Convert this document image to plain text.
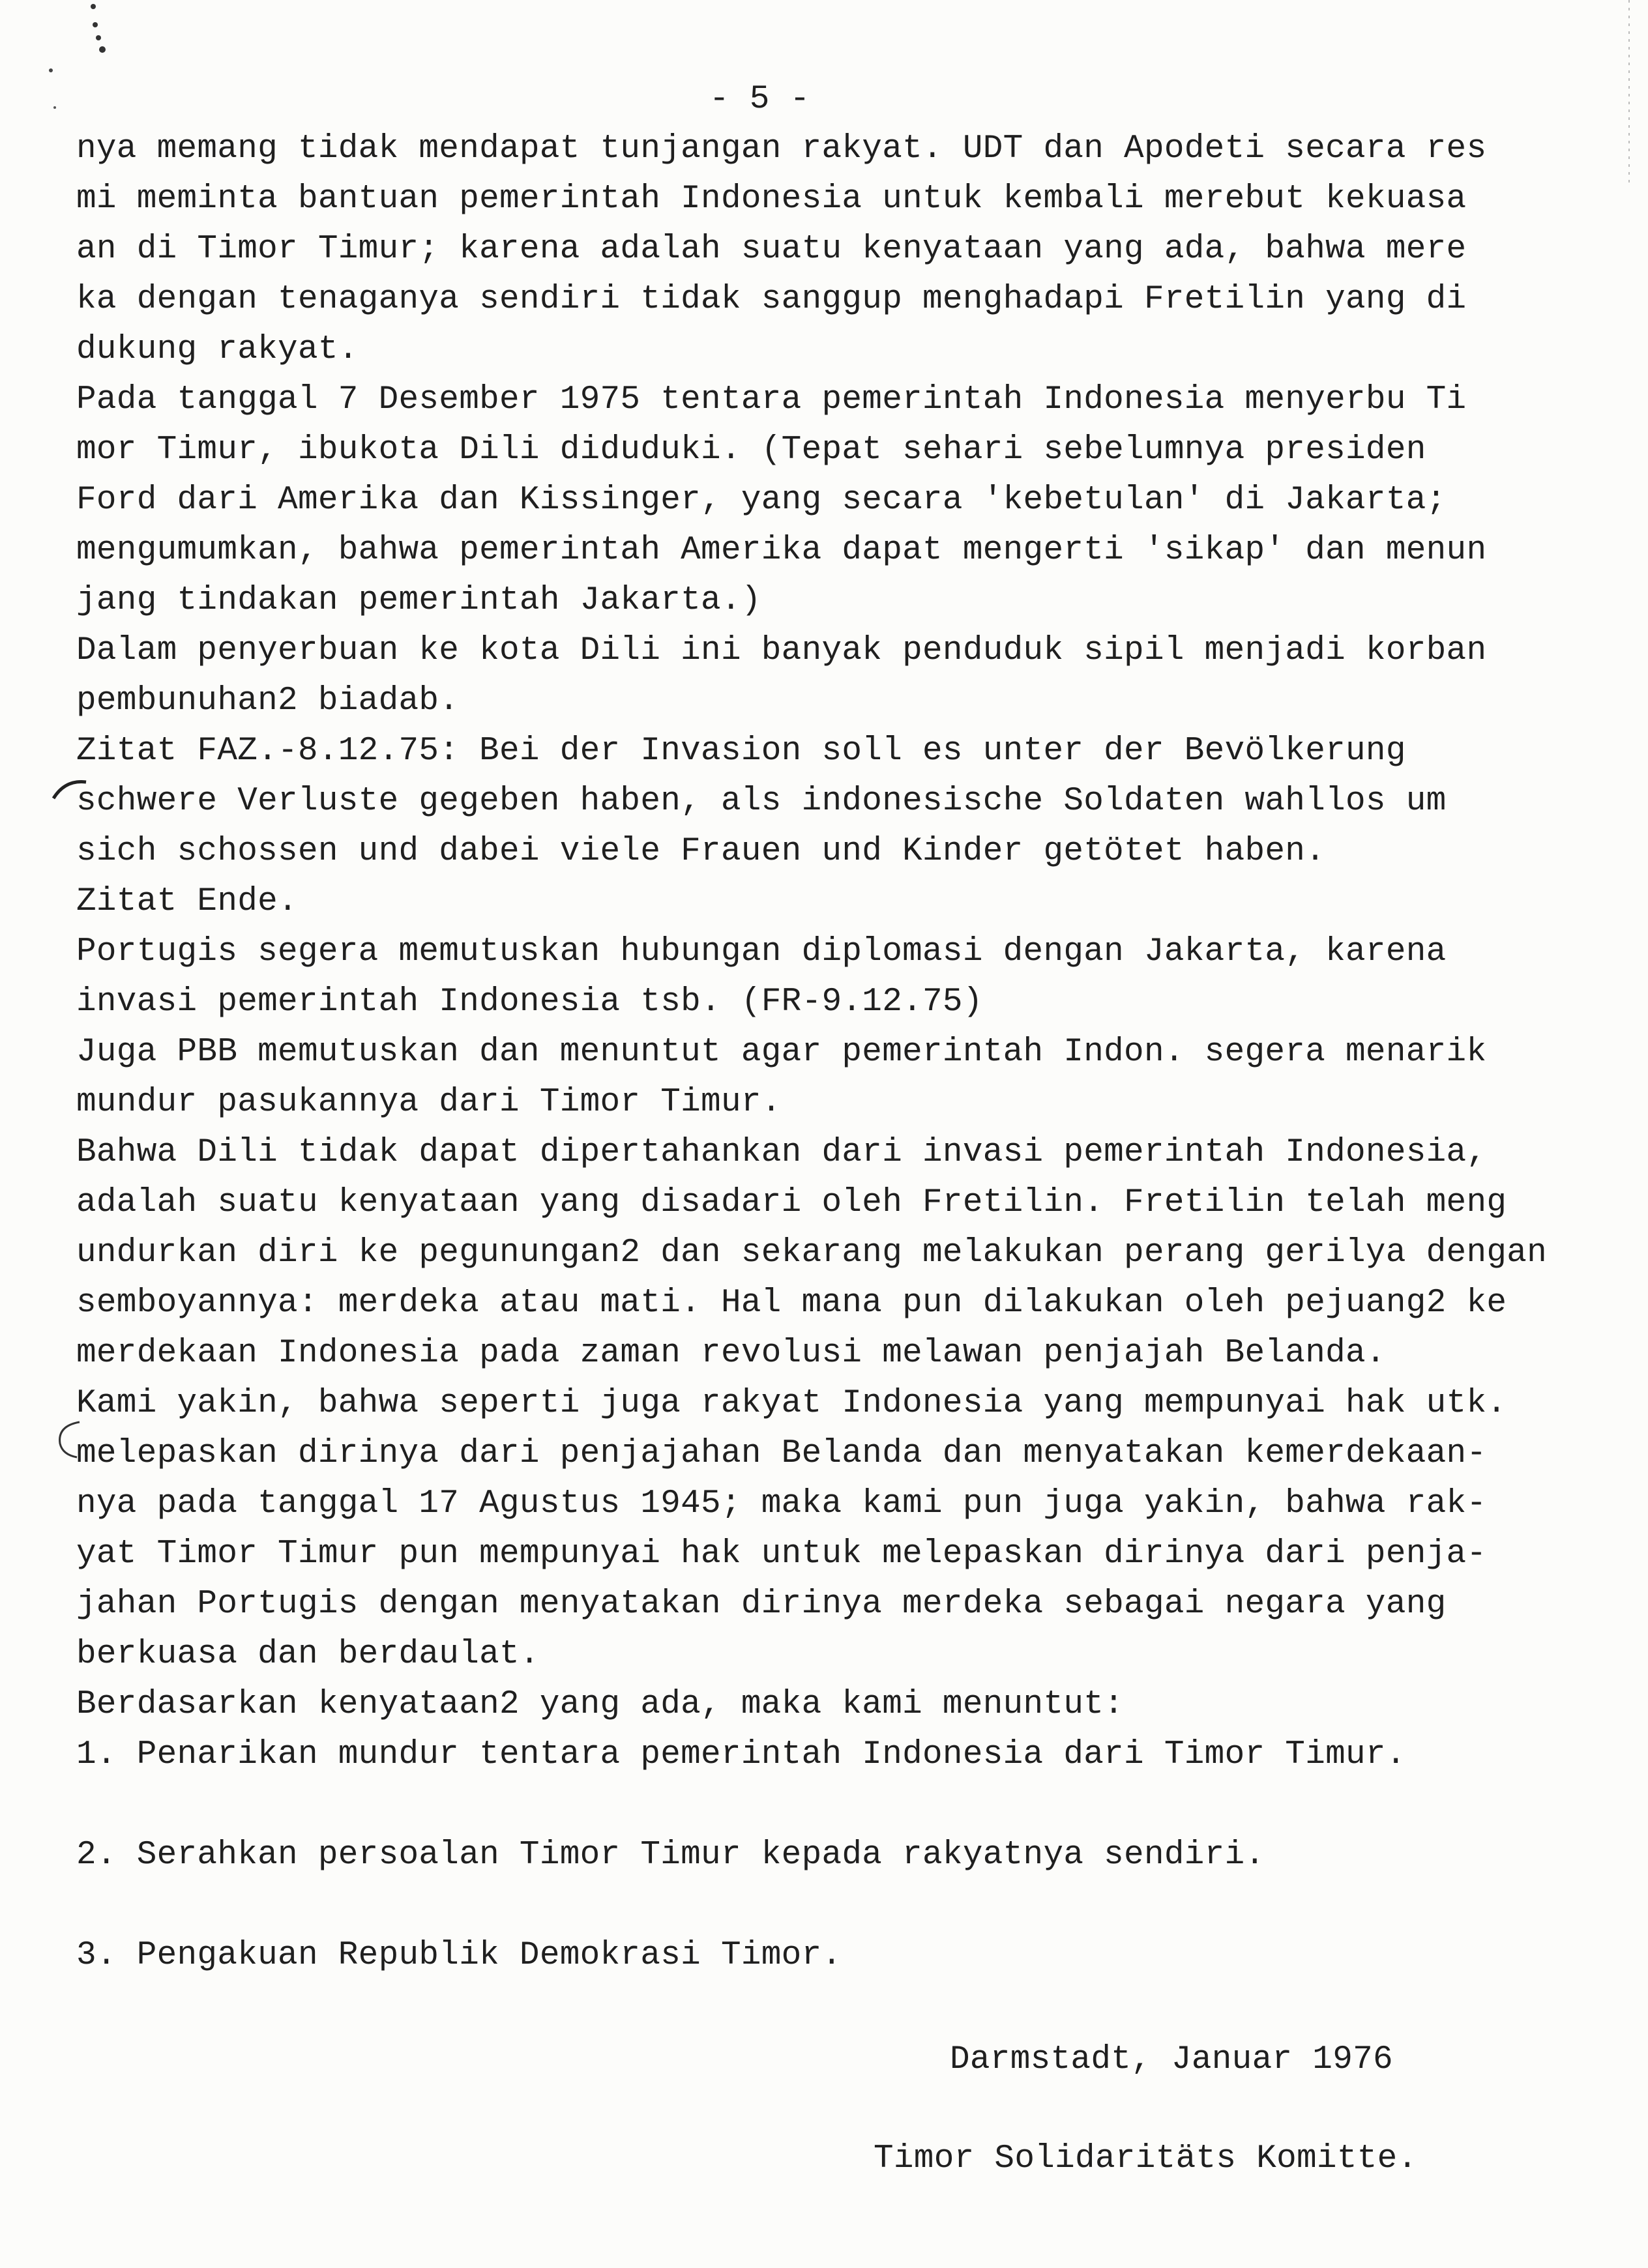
- 5 -
nya memang tidak mendapat tunjangan rakyat. UDT dan Apodeti secara res
mi meminta bantuan pemerintah Indonesia untuk kembali merebut kekuasa
an di Timor Timur; karena adalah suatu kenyataan yang ada, bahwa mere
ka dengan tenaganya sendiri tidak sanggup menghadapi Fretilin yang di
dukung rakyat.
Pada tanggal 7 Desember 1975 tentara pemerintah Indonesia menyerbu Ti
mor Timur, ibukota Dili diduduki. (Tepat sehari sebelumnya presiden
Ford dari Amerika dan Kissinger, yang secara 'kebetulan' di Jakarta;
mengumumkan, bahwa pemerintah Amerika dapat mengerti 'sikap' dan menun
jang tindakan pemerintah Jakarta.)
Dalam penyerbuan ke kota Dili ini banyak penduduk sipil menjadi korban
pembunuhan2 biadab.
Zitat FAZ.-8.12.75: Bei der Invasion soll es unter der Bevölkerung
schwere Verluste gegeben haben, als indonesische Soldaten wahllos um
sich schossen und dabei viele Frauen und Kinder getötet haben.
Zitat Ende.
Portugis segera memutuskan hubungan diplomasi dengan Jakarta, karena
invasi pemerintah Indonesia tsb. (FR-9.12.75)
Juga PBB memutuskan dan menuntut agar pemerintah Indon. segera menarik
mundur pasukannya dari Timor Timur.
Bahwa Dili tidak dapat dipertahankan dari invasi pemerintah Indonesia,
adalah suatu kenyataan yang disadari oleh Fretilin. Fretilin telah meng
undurkan diri ke pegunungan2 dan sekarang melakukan perang gerilya dengan
semboyannya: merdeka atau mati. Hal mana pun dilakukan oleh pejuang2 ke
merdekaan Indonesia pada zaman revolusi melawan penjajah Belanda.
Kami yakin, bahwa seperti juga rakyat Indonesia yang mempunyai hak utk.
melepaskan dirinya dari penjajahan Belanda dan menyatakan kemerdekaan-
nya pada tanggal 17 Agustus 1945; maka kami pun juga yakin, bahwa rak-
yat Timor Timur pun mempunyai hak untuk melepaskan dirinya dari penja-
jahan Portugis dengan menyatakan dirinya merdeka sebagai negara yang
berkuasa dan berdaulat.
Berdasarkan kenyataan2 yang ada, maka kami menuntut:
1. Penarikan mundur tentara pemerintah Indonesia dari Timor Timur.
2. Serahkan persoalan Timor Timur kepada rakyatnya sendiri.
3. Pengakuan Republik Demokrasi Timor.
Darmstadt, Januar 1976
Timor Solidaritäts Komitte.
